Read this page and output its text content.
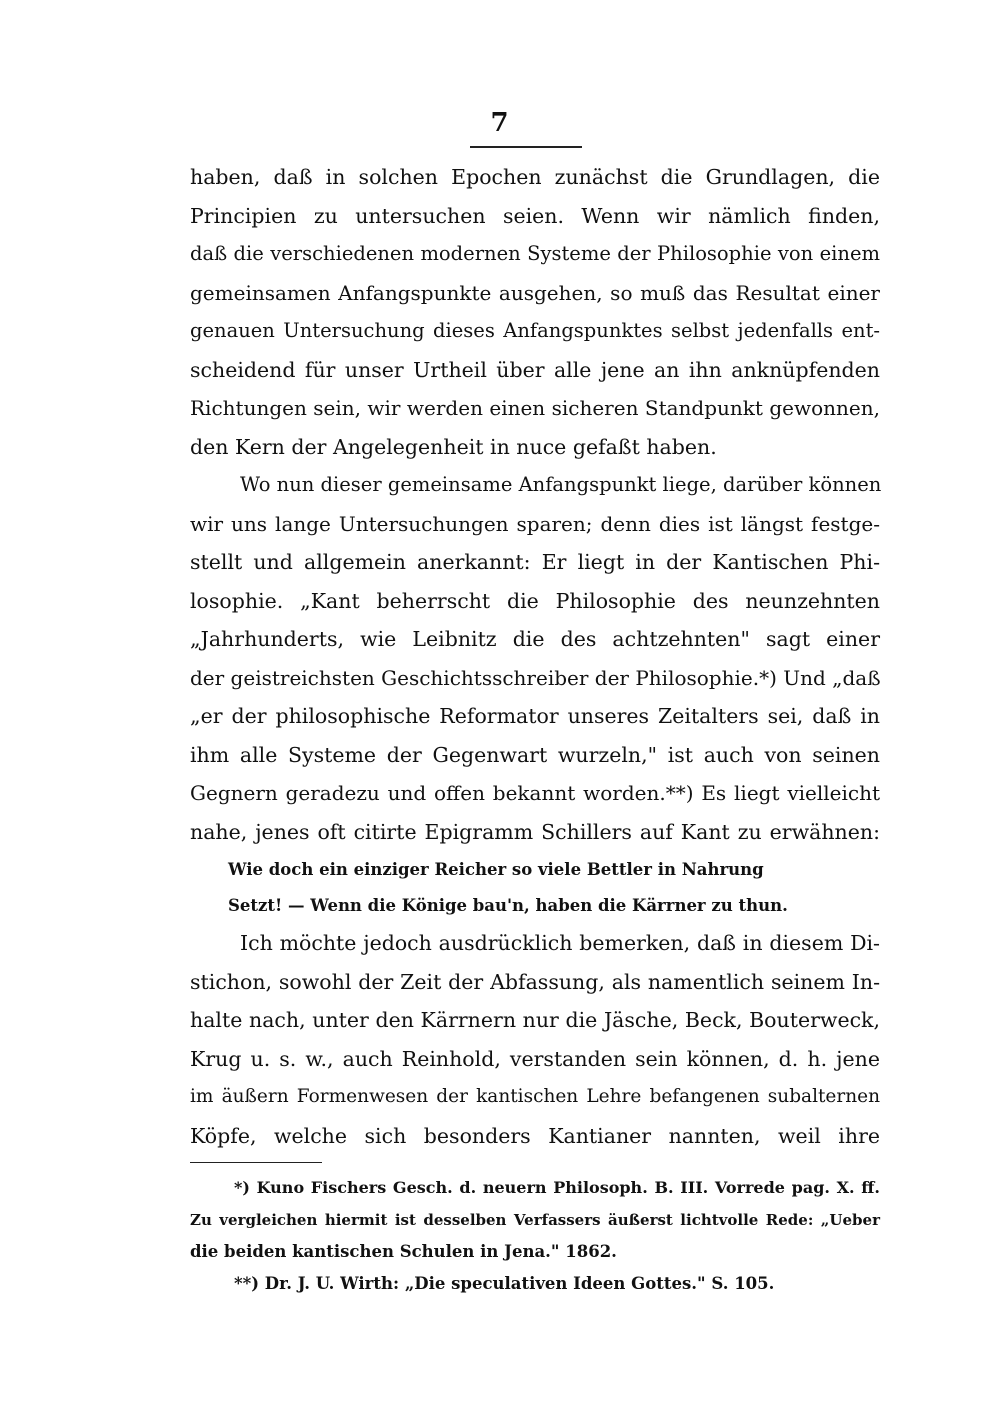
7
haben, daß in solchen Epochen zunächst die Grundlagen, die
Principien zu untersuchen seien. Wenn wir nämlich finden,
daß die verschiedenen modernen Systeme der Philosophie von einem
gemeinsamen Anfangspunkte ausgehen, so muß das Resultat einer
genauen Untersuchung dieses Anfangspunktes selbst jedenfalls ent-
scheidend für unser Urtheil über alle jene an ihn anknüpfenden
Richtungen sein, wir werden einen sicheren Standpunkt gewonnen,
den Kern der Angelegenheit in nuce gefaßt haben.
Wo nun dieser gemeinsame Anfangspunkt liege, darüber können
wir uns lange Untersuchungen sparen; denn dies ist längst festge-
stellt und allgemein anerkannt: Er liegt in der Kantischen Phi-
losophie. „Kant beherrscht die Philosophie des neunzehnten
„Jahrhunderts, wie Leibnitz die des achtzehnten" sagt einer
der geistreichsten Geschichtsschreiber der Philosophie.*) Und „daß
„er der philosophische Reformator unseres Zeitalters sei, daß in
ihm alle Systeme der Gegenwart wurzeln," ist auch von seinen
Gegnern geradezu und offen bekannt worden.**) Es liegt vielleicht
nahe, jenes oft citirte Epigramm Schillers auf Kant zu erwähnen:
Wie doch ein einziger Reicher so viele Bettler in Nahrung
Setzt! — Wenn die Könige bau'n, haben die Kärrner zu thun.
Ich möchte jedoch ausdrücklich bemerken, daß in diesem Di-
stichon, sowohl der Zeit der Abfassung, als namentlich seinem In-
halte nach, unter den Kärrnern nur die Jäsche, Beck, Bouterweck,
Krug u. s. w., auch Reinhold, verstanden sein können, d. h. jene
im äußern Formenwesen der kantischen Lehre befangenen subalternen
Köpfe, welche sich besonders Kantianer nannten, weil ihre
*) Kuno Fischers Gesch. d. neuern Philosoph. B. III. Vorrede pag. X. ff.
Zu vergleichen hiermit ist desselben Verfassers äußerst lichtvolle Rede: „Ueber
die beiden kantischen Schulen in Jena." 1862.
**) Dr. J. U. Wirth: „Die speculativen Ideen Gottes." S. 105.
